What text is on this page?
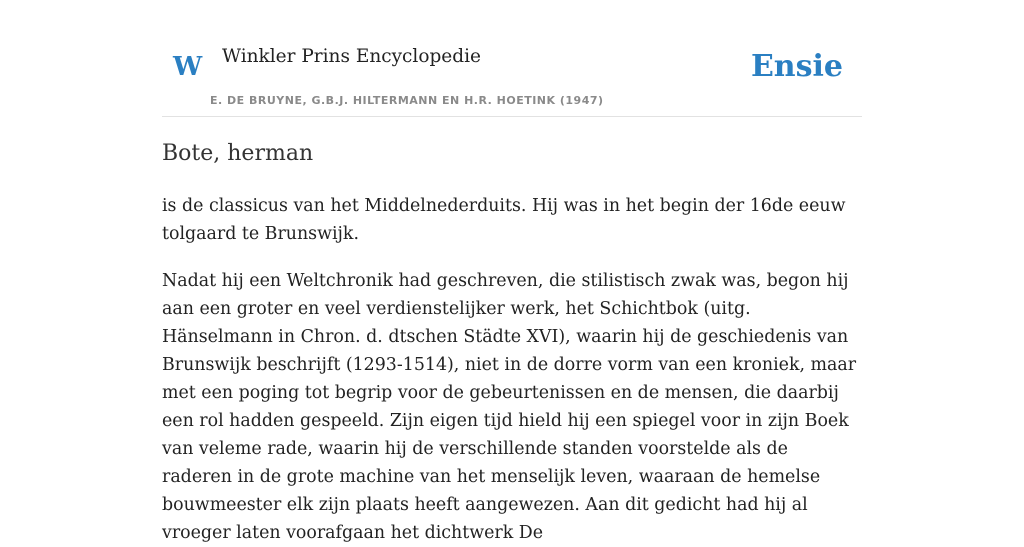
W Winkler Prins Encyclopedie
E. DE BRUYNE, G.B.J. HILTERMANN EN H.R. HOETINK (1947)
Ensie
Bote, herman

is de classicus van het Middelnederduits. Hij was in het begin der 16de eeuw tolgaard te Brunswijk.

Nadat hij een Weltchronik had geschreven, die stilistisch zwak was, begon hij aan een groter en veel verdienstelijker werk, het Schichtbok (uitg. Hänselmann in Chron. d. dtschen Städte XVI), waarin hij de geschiedenis van Brunswijk beschrijft (1293-1514), niet in de dorre vorm van een kroniek, maar met een poging tot begrip voor de gebeurtenissen en de mensen, die daarbij een rol hadden gespeeld. Zijn eigen tijd hield hij een spiegel voor in zijn Boek van veleme rade, waarin hij de verschillende standen voorstelde als de raderen in de grote machine van het menselijk leven, waaraan de hemelse bouwmeester elk zijn plaats heeft aangewezen. Aan dit gedicht had hij al vroeger laten voorafgaan het dichtwerk De
